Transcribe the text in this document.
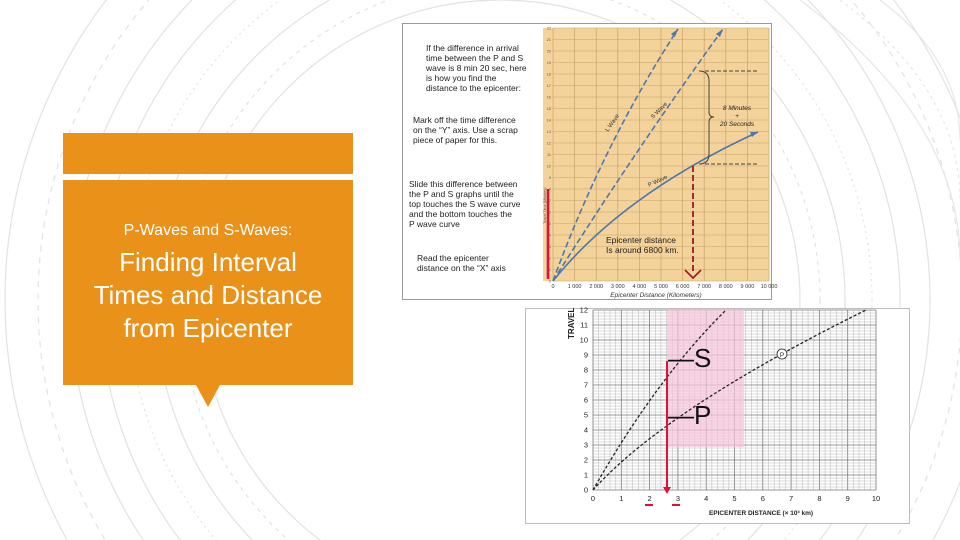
P-Waves and S-Waves:
Finding Interval
Times and Distance
from Epicenter
If the difference in arrival
time between the P and S
wave is 8 min 20 sec, here
is how you find the
distance to the epicenter:
Mark off the time difference
on the “Y” axis. Use a scrap
piece of paper for this.
Slide this difference between
the P and S graphs until the
top touches the S wave curve
and the bottom touches the
P wave curve
Read the epicenter
distance on the “X” axis
Travel Time (Minutes)
0
1
2
3
4
5
6
7
8
9
10
11
12
13
14
15
16
17
18
19
20
21
22
0 1 000 2 000 3 000 4 000 5 000 6 000 7 000 8 000 9 000 10 000
Epicenter Distance (Kilometers)
L Wave
S Wave
P Wave
8 Minutes
+
20 Seconds
Epicenter distance
Is around 6800 km.
TRAVEL
0
1
2
3
4
5
6
7
8
9
10
11
12
0	1	2	3	4	5	6	7	8	9	10
EPICENTER DISTANCE (× 10³ km)
P
—S
—P
